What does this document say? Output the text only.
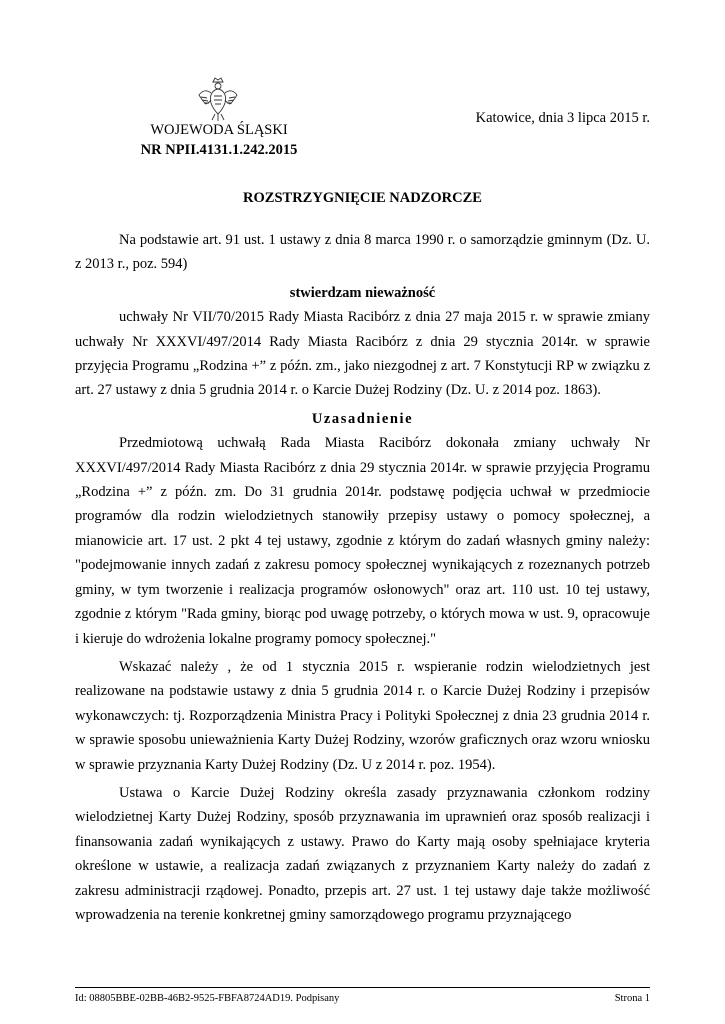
WOJEWODA ŚLĄSKI
NR NPII.4131.1.242.2015
Katowice, dnia 3 lipca 2015 r.
ROZSTRZYGNIĘCIE NADZORCZE

Na podstawie art. 91 ust. 1 ustawy z dnia 8 marca 1990 r. o samorządzie gminnym (Dz. U. z 2013 r., poz. 594)

stwierdzam nieważność

uchwały Nr VII/70/2015 Rady Miasta Racibórz z dnia 27 maja 2015 r. w sprawie zmiany uchwały Nr XXXVI/497/2014 Rady Miasta Racibórz z dnia 29 stycznia 2014r. w sprawie przyjęcia Programu „Rodzina +” z późn. zm., jako niezgodnej z art. 7 Konstytucji RP w związku z art. 27 ustawy z dnia 5 grudnia 2014 r. o Karcie Dużej Rodziny (Dz. U. z 2014 poz. 1863).

Uzasadnienie

Przedmiotową uchwałą Rada Miasta Racibórz dokonała zmiany uchwały Nr XXXVI/497/2014 Rady Miasta Racibórz z dnia 29 stycznia 2014r. w sprawie przyjęcia Programu „Rodzina +” z późn. zm. Do 31 grudnia 2014r. podstawę podjęcia uchwał w przedmiocie programów dla rodzin wielodzietnych stanowiły przepisy ustawy o pomocy społecznej, a mianowicie art. 17 ust. 2 pkt 4 tej ustawy, zgodnie z którym do zadań własnych gminy należy: "podejmowanie innych zadań z zakresu pomocy społecznej wynikających z rozeznanych potrzeb gminy, w tym tworzenie i realizacja programów osłonowych" oraz art. 110 ust. 10 tej ustawy, zgodnie z którym "Rada gminy, biorąc pod uwagę potrzeby, o których mowa w ust. 9, opracowuje i kieruje do wdrożenia lokalne programy pomocy społecznej."

Wskazać należy , że od 1 stycznia 2015 r. wspieranie rodzin wielodzietnych jest realizowane na podstawie ustawy z dnia 5 grudnia 2014 r. o Karcie Dużej Rodziny i przepisów wykonawczych: tj. Rozporządzenia Ministra Pracy i Polityki Społecznej z dnia 23 grudnia 2014 r. w sprawie sposobu unieważnienia Karty Dużej Rodziny, wzorów graficznych oraz wzoru wniosku w sprawie przyznania Karty Dużej Rodziny (Dz. U z 2014 r. poz. 1954).

Ustawa o Karcie Dużej Rodziny określa zasady przyznawania członkom rodziny wielodzietnej Karty Dużej Rodziny, sposób przyznawania im uprawnień oraz sposób realizacji i finansowania zadań wynikających z ustawy. Prawo do Karty mają osoby spełniajace kryteria określone w ustawie, a realizacja zadań związanych z przyznaniem Karty należy do zadań z zakresu administracji rządowej. Ponadto, przepis art. 27 ust. 1 tej ustawy daje także możliwość wprowadzenia na terenie konkretnej gminy samorządowego programu przyznającego

Id: 08805BBE-02BB-46B2-9525-FBFA8724AD19. Podpisany	Strona 1
